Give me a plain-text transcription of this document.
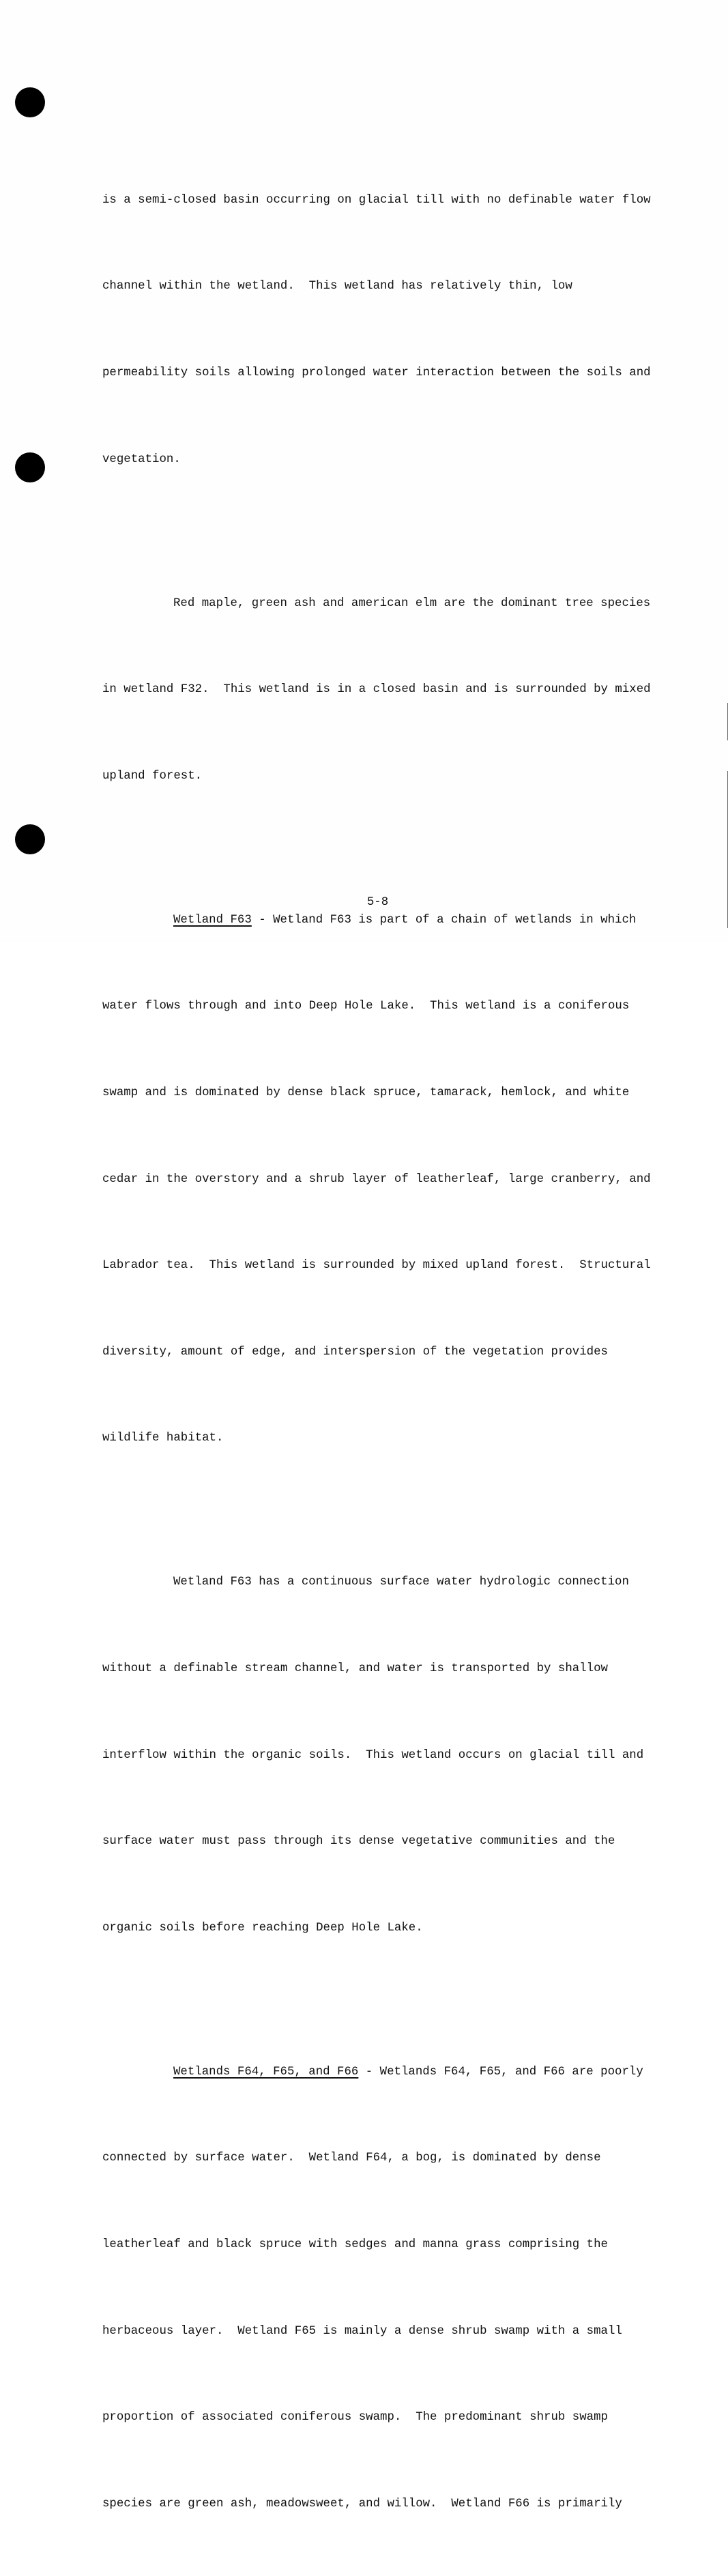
is a semi-closed basin occurring on glacial till with no definable water flow

channel within the wetland.  This wetland has relatively thin, low

permeability soils allowing prolonged water interaction between the soils and

vegetation.

Red maple, green ash and american elm are the dominant tree species

in wetland F32.  This wetland is in a closed basin and is surrounded by mixed

upland forest.

Wetland F63 - Wetland F63 is part of a chain of wetlands in which

water flows through and into Deep Hole Lake.  This wetland is a coniferous

swamp and is dominated by dense black spruce, tamarack, hemlock, and white

cedar in the overstory and a shrub layer of leatherleaf, large cranberry, and

Labrador tea.  This wetland is surrounded by mixed upland forest.  Structural

diversity, amount of edge, and interspersion of the vegetation provides

wildlife habitat.

Wetland F63 has a continuous surface water hydrologic connection

without a definable stream channel, and water is transported by shallow

interflow within the organic soils.  This wetland occurs on glacial till and

surface water must pass through its dense vegetative communities and the

organic soils before reaching Deep Hole Lake.

Wetlands F64, F65, and F66 - Wetlands F64, F65, and F66 are poorly

connected by surface water.  Wetland F64, a bog, is dominated by dense

leatherleaf and black spruce with sedges and manna grass comprising the

herbaceous layer.  Wetland F65 is mainly a dense shrub swamp with a small

proportion of associated coniferous swamp.  The predominant shrub swamp

species are green ash, meadowsweet, and willow.  Wetland F66 is primarily

5-8
